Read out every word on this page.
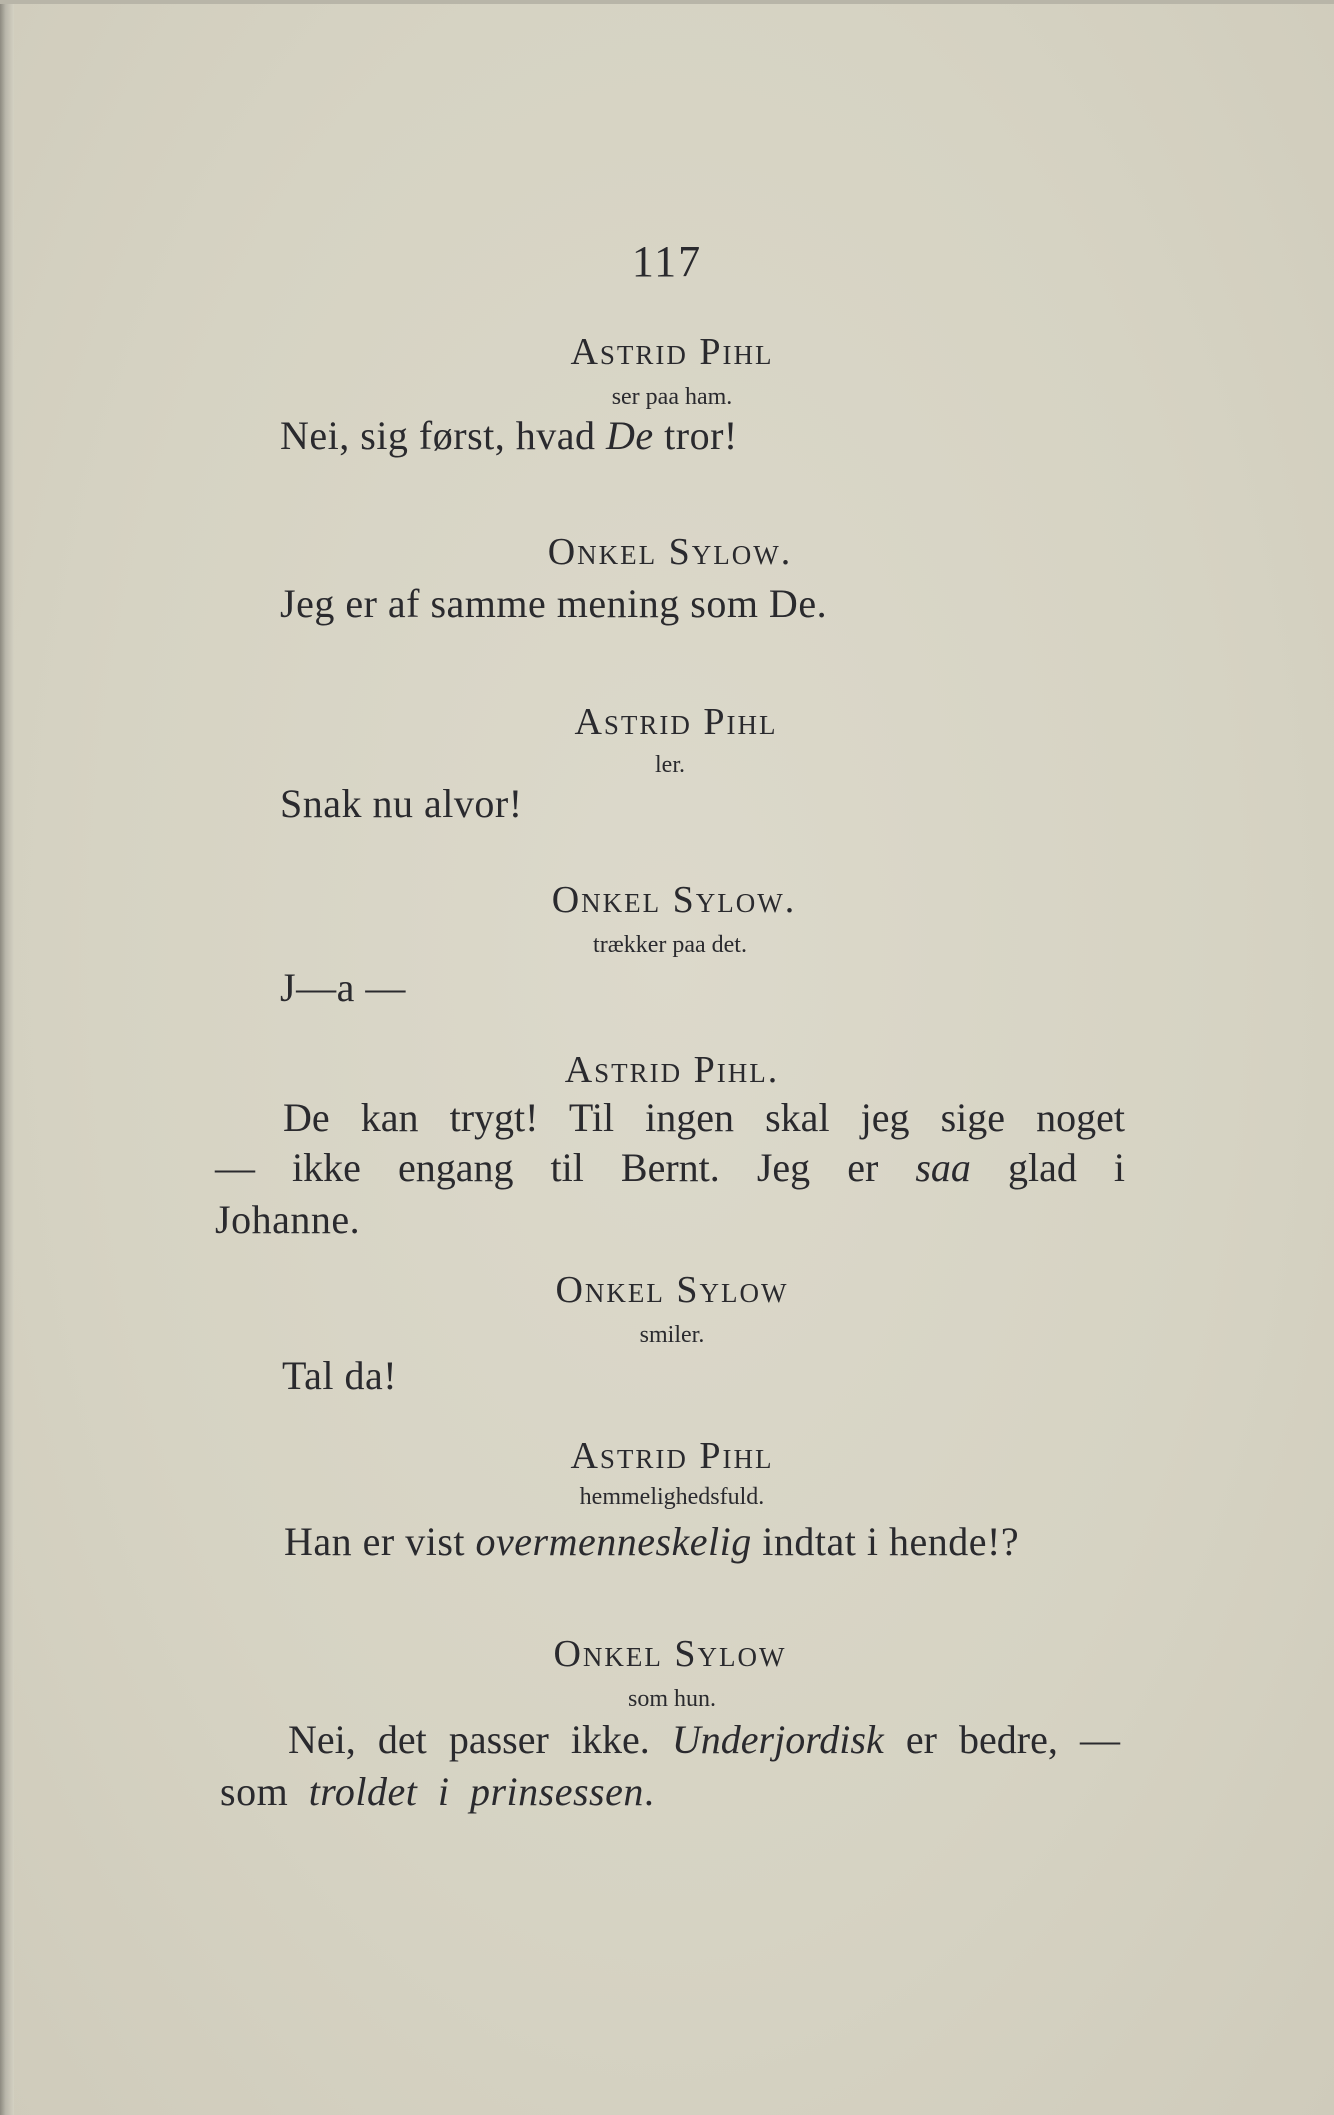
117
Astrid Pihl
ser paa ham.
Nei, sig først, hvad De tror!
Onkel Sylow.
Jeg er af samme mening som De.
Astrid Pihl
ler.
Snak nu alvor!
Onkel Sylow.
trækker paa det.
J—a —
Astrid Pihl.
De kan trygt! Til ingen skal jeg sige noget
— ikke engang til Bernt. Jeg er saa glad i
Johanne.
Onkel Sylow
smiler.
Tal da!
Astrid Pihl
hemmelighedsfuld.
Han er vist overmenneskelig indtat i hende!?
Onkel Sylow
som hun.
Nei, det passer ikke. Underjordisk er bedre, —
som troldet i prinsessen.
